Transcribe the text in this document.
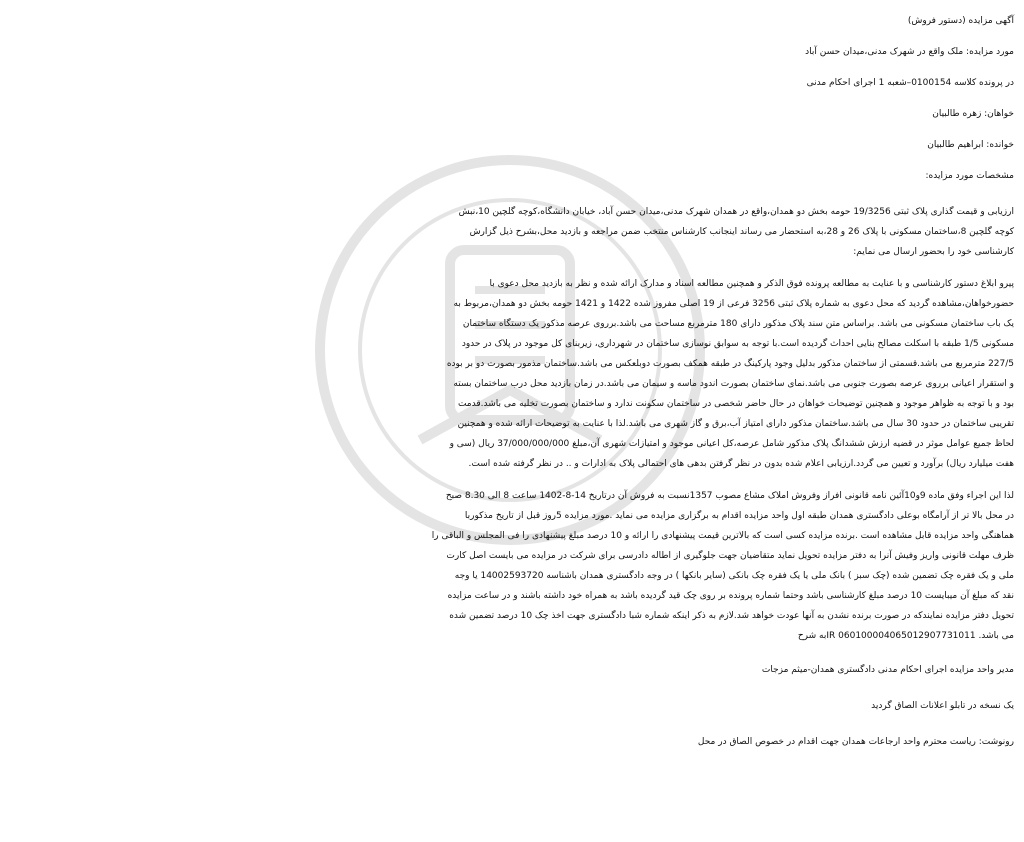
آگهی مزایده (دستور فروش)
مورد مزایده: ملک واقع در شهرک مدنی،میدان حسن آباد
در پرونده کلاسه 0100154–شعبه 1 اجرای احکام مدنی
خواهان: زهره طالبیان
خوانده: ابراهیم طالبیان
مشخصات مورد مزایده:
ارزیابی و قیمت گذاری پلاک ثبتی 19/3256 حومه بخش دو همدان،واقع در همدان شهرک مدنی،میدان حسن آباد، خیابان دانشگاه،کوچه گلچین 10،نبش
کوچه گلچین 8،ساختمان مسکونی با پلاک 26 و 28،به استحضار می رساند اینجانب کارشناس منتخب ضمن مراجعه و بازدید محل،بشرح ذیل گزارش
کارشناسی خود را بحضور ارسال می نمایم:
پیرو ابلاغ دستور کارشناسی و با عنایت به مطالعه پرونده فوق الذکر و همچنین مطالعه اسناد و مدارک ارائه شده و نظر به بازدید محل دعوی با
حضورخواهان،مشاهده گردید که محل دعوی به شماره پلاک ثبتی 3256 فرعی از 19 اصلی مفروز شده 1422 و 1421 حومه بخش دو همدان،مربوط به
یک باب ساختمان مسکونی می باشد. براساس متن سند پلاک مذکور دارای 180 مترمربع مساحت می باشد.برروی عرصه مذکور یک دستگاه ساختمان
مسکونی 1/5 طبقه با اسکلت مصالح بنایی احداث گردیده است.با توجه به سوابق نوسازی ساختمان در شهرداری، زیربنای کل موجود در پلاک در حدود
227/5 مترمربع می باشد.قسمتی از ساختمان مذکور بدلیل وجود پارکینگ در طبقه همکف بصورت دوبلعکس می باشد.ساختمان مذمور بصورت دو بر بوده
و استقرار اعیانی برروی عرصه بصورت جنوبی می باشد.نمای ساختمان بصورت اندود ماسه و سیمان می باشد.در زمان بازدید محل درب ساختمان بسته
بود و با توجه به ظواهر موجود و همچنین توضیحات خواهان در حال حاضر شخصی در ساختمان سکونت ندارد و ساختمان بصورت تخلیه می باشد.قدمت
تقریبی ساختمان در حدود 30 سال می باشد.ساختمان مذکور دارای امتیاز آب،برق و گاز شهری می باشد.لذا با عنایت به توضیحات ارائه شده و همچنین
لحاظ جمیع عوامل موثر در قضیه ارزش ششدانگ پلاک مذکور شامل عرصه،کل اعیانی موجود و امتیازات شهری آن،مبلغ 37/000/000/000 ریال (سی و
هفت میلیارد ریال) برآورد و تعیین می گردد.ارزیابی اعلام شده بدون در نظر گرفتن بدهی های احتمالی پلاک به ادارات و .. در نظر گرفته شده است.
لذا این اجراء وفق ماده 9و10آئین نامه قانونی افراز وفروش املاک مشاع مصوب 1357نسبت به فروش آن درتاریخ 14-8-1402 ساعت 8 الی 8.30 صبح
در محل بالا تر از آرامگاه بوعلی دادگستری همدان طبقه اول واحد مزایده اقدام به برگزاری مزایده می نماید .مورد مزایده 5روز قبل از تاریخ مذکوربا
هماهنگی واحد مزایده قابل مشاهده است .برنده مزایده کسی است که بالاترین قیمت پیشنهادی را ارائه و 10 درصد مبلغ پیشنهادی را فی المجلس و الباقی را
ظرف مهلت قانونی واریز وفیش آنرا به دفتر مزایده تحویل نماید متقاضیان جهت جلوگیری از اطاله دادرسی برای شرکت در مزایده می بایست اصل کارت
ملی و یک فقره چک تضمین شده (چک سبز ) بانک ملی یا یک فقره چک بانکی (سایر بانکها ) در وجه دادگستری همدان باشناسه 14002593720 یا وجه
نقد که مبلغ آن میبایست 10 درصد مبلغ کارشناسی باشد وحتما شماره پرونده بر روی چک قید گردیده باشد به همراه خود داشته باشند و در ساعت مزایده
تحویل دفتر مزایده نمایندکه در صورت برنده نشدن به آنها عودت خواهد شد.لازم به ذکر اینکه شماره شبا دادگستری جهت اخذ چک 10 درصد تضمین شده
می باشد. IR 060100004065012907731011به شرح
مدیر واحد مزایده اجرای احکام مدنی دادگستری همدان-میثم مزجات
یک نسخه در تابلو اعلانات الصاق گردید
رونوشت: ریاست محترم واحد ارجاعات همدان جهت اقدام در خصوص الصاق در محل
